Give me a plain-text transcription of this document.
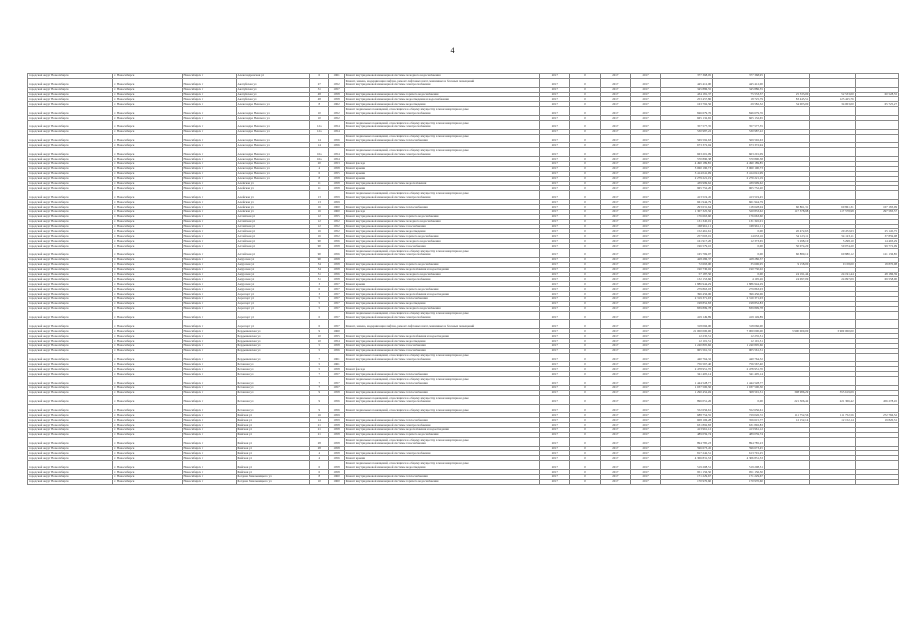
4
городской округ Новосибирск	г. Новосибирск	Новосибирск г	Александровская ул	6	1961	Ремонт внутридомовой инженерной системы холодного водоснабжения	2017	0	2017	2017	377 368,95	377 368,95			
городской округ Новосибирск	г. Новосибирск	Новосибирск г	Акатуйская ул	27	1952	Ремонт, замена, модернизация лифтов, ремонт лифтовых шахт, машинных и блочных помещений
Ремонт внутридомовой инженерной системы электроснабжения	2017	0	2017	2017	445 412,00	445 412,00			
городской округ Новосибирск	г. Новосибирск	Новосибирск г	Акатуйская ул	31	1957		2017	0	2017	2017	345 886,55	345 886,55			
городской округ Новосибирск	г. Новосибирск	Новосибирск г	Акатуйская ул	48	1958	Ремонт внутридомовой инженерной системы горячего водоснабжения	2017	0	2017	2017	434 181,37	75 533,37	25 533,00	52 533,00	60 528,55
городской округ Новосибирск	г. Новосибирск	Новосибирск г	Акатуйская ул	48	1958	Ремонт внутридомовой инженерной системы водоотведения и водоснабжения	2017	0	2017	2017	253 457,86	18 725,79	83 445,51	125 425,76	
городской округ Новосибирск	г. Новосибирск	Новосибирск г	Александра Невского ул	8	1962	Ремонт внутридомовой инженерной системы водоотведения	2017	0	2017	2017	163 792,56	29 582,32	34 003,00	34 003,00	65 725,27
городской округ Новосибирск	г. Новосибирск	Новосибирск г	Александра Невского ул	10	1952	Ремонт подвальных помещений, относящихся к общему имуществу в многоквартирном доме
Ремонт внутридомовой инженерной системы электроснабжения	2017	0	2017	2017	846 679,76	846 679,76			
городской округ Новосибирск	г. Новосибирск	Новосибирск г	Александра Невского ул	10	1952		2017	0	2017	2017	665 132,65	665 132,65			
городской округ Новосибирск	г. Новосибирск	Новосибирск г	Александра Невского ул	12а	1954	Ремонт подвальных помещений, относящихся к общему имуществу в многоквартирном доме
Ремонт внутридомовой инженерной системы электроснабжения	2017	0	2017	2017	357 577,35	357 577,35			
городской округ Новосибирск	г. Новосибирск	Новосибирск г	Александра Невского ул	12а	1954		2017	0	2017	2017	530 987,22	530 987,22			
городской округ Новосибирск	г. Новосибирск	Новосибирск г	Александра Невского ул	14	1956	Ремонт подвальных помещений, относящихся к общему имуществу в многоквартирном доме
Ремонт внутридомовой инженерной системы теплоснабжения	2017	0	2017	2017	569 592,63	569 592,63			
городской округ Новосибирск	г. Новосибирск	Новосибирск г	Александра Невского ул	14	1956		2017	0	2017	2017	673 372,94	673 372,94			
городской округ Новосибирск	г. Новосибирск	Новосибирск г	Александра Невского ул	16а	1954	Ремонт подвальных помещений, относящихся к общему имуществу в многоквартирном доме
Ремонт внутридомовой инженерной системы электроснабжения	2017	0	2017	2017	663 201,09	663 201,09			
городской округ Новосибирск	г. Новосибирск	Новосибирск г	Александра Невского ул	16а	1954		2017	0	2017	2017	570 890,38	570 890,38			
городской округ Новосибирск	г. Новосибирск	Новосибирск г	Александра Невского ул	20	1953	Ремонт фасада	2017	0	2017	2017	4 490 189,85	4 490 189,85			
городской округ Новосибирск	г. Новосибирск	Новосибирск г	Александра Невского ул	4	1958	Ремонт крыши	2017	0	2017	2017	3 060 190,73	3 060 190,73			
городской округ Новосибирск	г. Новосибирск	Новосибирск г	Александра Невского ул	6	1955	Ремонт крыши	2017	0	2017	2017	3 414 041,99	3 414 041,99			
городской округ Новосибирск	г. Новосибирск	Новосибирск г	Александра Невского ул	8	1958	Ремонт крыши	2017	0	2017	2017	2 279 221,19	2 279 221,19			
городской округ Новосибирск	г. Новосибирск	Новосибирск г	Алейская ул	11	1958	Ремонт внутридомовой инженерной системы водоснабжения	2017	0	2017	2017	439 999,62	439 999,62			
городской округ Новосибирск	г. Новосибирск	Новосибирск г	Алейская ул	11	1958	Ремонт крыши	2017	0	2017	2017	965 752,20	965 752,20			
городской округ Новосибирск	г. Новосибирск	Новосибирск г	Алейская ул	13	1959	Ремонт подвальных помещений, относящихся к общему имуществу в многоквартирном доме
Ремонт внутридомовой инженерной системы электроснабжения	2017	0	2017	2017	413 519,45	413 519,45			
городской округ Новосибирск	г. Новосибирск	Новосибирск г	Алейская ул	13	1959		2017	0	2017	2017	661 944,79	661 944,79			
городской округ Новосибирск	г. Новосибирск	Новосибирск г	Алейская ул	16	1960	Ремонт внутридомовой инженерной системы теплоснабжения	2017	0	2017	2017	293 631,64	118 628,04	60 861,31	60 861,31	107 183,09
городской округ Новосибирск	г. Новосибирск	Новосибирск г	Алейская ул	16	1960	Ремонт фасада	2017	0	2017	2017	1 307 325,36	520 833,62	117 578,98	117 578,98	297 583,57
городской округ Новосибирск	г. Новосибирск	Новосибирск г	Алтайская ул	12	1955	Ремонт внутридомовой инженерной системы горячего водоснабжения	2017	0	2017	2017	176 663,60	176 663,60			
городской округ Новосибирск	г. Новосибирск	Новосибирск г	Алтайская ул	12	1952	Ремонт внутридомовой инженерной системы холодного водоснабжения	2017	0	2017	2017	131 345,01	131 345,01			
городской округ Новосибирск	г. Новосибирск	Новосибирск г	Алтайская ул	12	1952	Ремонт внутридомовой инженерной системы газоснабжения	2017	0	2017	2017	168 961,11	168 961,11			
городской округ Новосибирск	г. Новосибирск	Новосибирск г	Алтайская ул	16	1952	Ремонт внутридомовой инженерной системы водоотведения	2017	0	2017	2017	152 461,61	0,00	20 472,63	20 472,63	25 145,75
городской округ Новосибирск	г. Новосибирск	Новосибирск г	Алтайская ул	16	1952	Ремонт внутридомовой инженерной системы горячего водоснабжения	2017	0	2017	2017	257 003,01	14 633,16	54 123,11	54 123,11	37 859,08
городской округ Новосибирск	г. Новосибирск	Новосибирск г	Алтайская ул	90	1956	Ремонт внутридомовой инженерной системы холодного водоснабжения	2017	0	2017	2017	161 917,20	12 373,65	5 298,10	5 298,10	14 493,29
городской округ Новосибирск	г. Новосибирск	Новосибирск г	Алтайская ул	90	1958	Ремонт внутридомовой инженерной системы газоснабжения	2017	0	2017	2017	196 579,10	0,00	50 074,20	50 074,20	99 772,09
городской округ Новосибирск	г. Новосибирск	Новосибирск г	Алтайская ул	90	1956	Ремонт подвальных помещений, относящихся к общему имуществу в многоквартирном доме
Ремонт внутридомовой инженерной системы электроснабжения	2017	0	2017	2017	165 769,97	0,00	60 880,12	60 880,12	121 136,85
городской округ Новосибирск	г. Новосибирск	Новосибирск г	Амурская ул	90	1958		2017	0	2017	2017	428 286,37	428 286,37			
городской округ Новосибирск	г. Новосибирск	Новосибирск г	Амурская ул	54	1958	Ремонт внутридомовой инженерной системы горячего водоснабжения	2017	0	2017	2017	72 693,00	35 606,95	9 158,00	9 158,00	18 870,08
городской округ Новосибирск	г. Новосибирск	Новосибирск г	Амурская ул	54	1958	Ремонт внутридомовой инженерной системы водоснабжения и водоотведения	2017	0	2017	2017	190 730,02	190 730,02			
городской округ Новосибирск	г. Новосибирск	Новосибирск г	Амурская ул	51	1956	Ремонт внутридомовой инженерной системы холодного водоснабжения	2017	0	2017	2017	57 187,50	0,00	24 191,44	24 191,44	48 186,39
городской округ Новосибирск	г. Новосибирск	Новосибирск г	Амурская ул	51	1958	Ремонт внутридомовой инженерной системы электроснабжения	2017	0	2017	2017	132 153,66	4 195,26	24 097,09	24 097,09	69 558,00
городской округ Новосибирск	г. Новосибирск	Новосибирск г	Амурская ул	3	1957	Ремонт крыши	2017	0	2017	2017	1 886 944,29	1 886 944,29			
городской округ Новосибирск	г. Новосибирск	Новосибирск г	Амурская ул	6	1957	Ремонт внутридомовой инженерной системы горячего водоснабжения	2017	0	2017	2017	279 863,03	279 863,03			
городской округ Новосибирск	г. Новосибирск	Новосибирск г	Аэропорт ул	3	1957	Ремонт внутридомовой инженерной системы водоснабжения и водоотведения	2017	0	2017	2017	396 456,06	396 456,06			
городской округ Новосибирск	г. Новосибирск	Новосибирск г	Аэропорт ул	5	1957	Ремонт внутридомовой инженерной системы теплоснабжения	2017	0	2017	2017	2 319 371,03	2 319 371,03			
городской округ Новосибирск	г. Новосибирск	Новосибирск г	Аэропорт ул	5	1957	Ремонт внутридомовой инженерной системы водоотведения	2017	0	2017	2017	198 852,83	198 852,83			
городской округ Новосибирск	г. Новосибирск	Новосибирск г	Аэропорт ул	5	1957	Ремонт внутридомовой инженерной системы холодного водоснабжения	2017	0	2017	2017	839 899,78	839 899,78			
городской округ Новосибирск	г. Новосибирск	Новосибирск г	Аэропорт ул	6	1957	Ремонт подвальных помещений, относящихся к общему имуществу в многоквартирном доме
Ремонт внутридомовой инженерной системы электроснабжения	2017	0	2017	2017	419 149,89	419 149,89			
городской округ Новосибирск	г. Новосибирск	Новосибирск г	Аэропорт ул	6	1957	Ремонт, замена, модернизация лифтов, ремонт лифтовых шахт, машинных и блочных помещений	2017	0	2017	2017	318 066,00	318 066,00			
городской округ Новосибирск	г. Новосибирск	Новосибирск г	Бердышевская ул	9	1960		2017	0	2017	2017	21 000 000,00	7 000 000,00	3 900 000,00	3 900 000,00	
городской округ Новосибирск	г. Новосибирск	Новосибирск г	Бердышевская ул	10	1955	Ремонт внутридомовой инженерной системы водоснабжения и водоотведения	2017	0	2017	2017	12 235,51	12 235,51			
городской округ Новосибирск	г. Новосибирск	Новосибирск г	Бердышевская ул	10	1954	Ремонт внутридомовой инженерной системы водоотведения	2017	0	2017	2017	12 101,51	12 101,51			
городской округ Новосибирск	г. Новосибирск	Новосибирск г	Бердышевская ул	5	1958	Ремонт внутридомовой инженерной системы газоснабжения	2017	0	2017	2017	1 240 805,66	1 240 805,66			
городской округ Новосибирск	г. Новосибирск	Новосибирск г	Бердышевская ул	5	1956	Ремонт внутридомовой инженерной системы газоснабжения	2017	0	2017	2017	905 561,31	905 561,31			
городской округ Новосибирск	г. Новосибирск	Новосибирск г	Бердышевская ул	7	1961	Ремонт подвальных помещений, относящихся к общему имуществу в многоквартирном доме
Ремонт внутридомовой инженерной системы электроснабжения	2017	0	2017	2017	440 764,32	440 764,32			
городской округ Новосибирск	г. Новосибирск	Новосибирск г	Бетонная ул	5	1961		2017	0	2017	2017	756 567,40	756 567,40			
городской округ Новосибирск	г. Новосибирск	Новосибирск г	Бетонная ул	5	1958	Ремонт фасада	2017	0	2017	2017	2 478 951,70	2 478 951,70			
городской округ Новосибирск	г. Новосибирск	Новосибирск г	Бетонная ул	7	1957	Ремонт внутридомовой инженерной системы теплоснабжения	2017	0	2017	2017	341 405,14	341 405,14			
городской округ Новосибирск	г. Новосибирск	Новосибирск г	Бетонная ул	7	1957	Ремонт подвальных помещений, относящихся к общему имуществу в многоквартирном доме
Ремонт внутридомовой инженерной системы теплоснабжения	2017	0	2017	2017	1 444 528,77	1 444 528,77			
городской округ Новосибирск	г. Новосибирск	Новосибирск г	Бетонная ул	7	1957		2017	0	2017	2017	1 037 500,30	1 037 500,30			
городской округ Новосибирск	г. Новосибирск	Новосибирск г	Бетонная ул	9	1958	Ремонт внутридомовой инженерной системы теплоснабжения	2017	0	2017	2017	1 290 452,49	368 591,31	398 986,29	355 619,09	
городской округ Новосибирск	г. Новосибирск	Новосибирск г	Бетонная ул	9	1956	Ремонт подвальных помещений, относящихся к общему имуществу в многоквартирном доме
Ремонт внутридомовой инженерной системы электроснабжения	2017	0	2017	2017	896 051,26	0,00	221 306,42	221 306,42	456 278,45
городской округ Новосибирск	г. Новосибирск	Новосибирск г	Бетонная ул	9	1956	Ремонт подвальных помещений, относящихся к общему имуществу в многоквартирном доме	2017	0	2017	2017	552 656,61	552 656,61			
городской округ Новосибирск	г. Новосибирск	Новосибирск г	Бийская ул	16	1959		2017	0	2017	2017	688 754,55	729 026,72	111 752,56	111 752,56	272 766,52
городской округ Новосибирск	г. Новосибирск	Новосибирск г	Бийская ул	14	1959	Ремонт внутридомовой инженерной системы теплоснабжения	2017	0	2017	2017	608 106,28	356 615,77	12 152,14	12 152,14	19 820,31
городской округ Новосибирск	г. Новосибирск	Новосибирск г	Бийская ул	21	1958	Ремонт внутридомовой инженерной системы электроснабжения	2017	0	2017	2017	631 892,83	631 892,83			
городской округ Новосибирск	г. Новосибирск	Новосибирск г	Бийская ул	21	1958	Ремонт внутридомовой инженерной системы водоснабжения и водоотведения	2017	0	2017	2017	413 961,12	413 961,12			
городской округ Новосибирск	г. Новосибирск	Новосибирск г	Бийская ул	21	1958	Ремонт внутридомовой инженерной системы горячего водоснабжения	2017	0	2017	2017	489 059,74	489 059,74			
городской округ Новосибирск	г. Новосибирск	Новосибирск г	Бийская ул	28	1958	Ремонт подвальных помещений, относящихся к общему имуществу в многоквартирном доме
Ремонт внутридомовой инженерной системы газоснабжения	2017	0	2017	2017	894 785,23	894 785,23			
городской округ Новосибирск	г. Новосибирск	Новосибирск г	Бийская ул	28	1958		2017	0	2017	2017	596 673,45	596 673,45			
городской округ Новосибирск	г. Новосибирск	Новосибирск г	Бийская ул	4	1958	Ремонт внутридомовой инженерной системы электроснабжения	2017	0	2017	2017	817 242,51	613 701,25			
городской округ Новосибирск	г. Новосибирск	Новосибирск г	Бийская ул	4	1956	Ремонт крыши	2017	0	2017	2017	4 306 831,33	4 306 831,33			
городской округ Новосибирск	г. Новосибирск	Новосибирск г	Бийская ул	6	1958	Ремонт подвальных помещений, относящихся к общему имуществу в многоквартирном доме
Ремонт внутридомовой инженерной системы водоотведения	2017	0	2017	2017	519 208,51	519 208,51			
городской округ Новосибирск	г. Новосибирск	Новосибирск г	Бийская ул	6	1958		2017	0	2017	2017	951 156,50	951 156,50			
городской округ Новосибирск	г. Новосибирск	Новосибирск г	Богдана Хмельницкого ул	8	1960	Ремонт внутридомовой инженерной системы теплоснабжения	2017	0	2017	2017	171 229,67	171 229,67			
городской округ Новосибирск	г. Новосибирск	Новосибирск г	Богдана Хмельницкого ул	10	1960	Ремонт внутридомовой инженерной системы горячего водоснабжения	2017	0	2017	2017	170 970,60	170 970,60			
